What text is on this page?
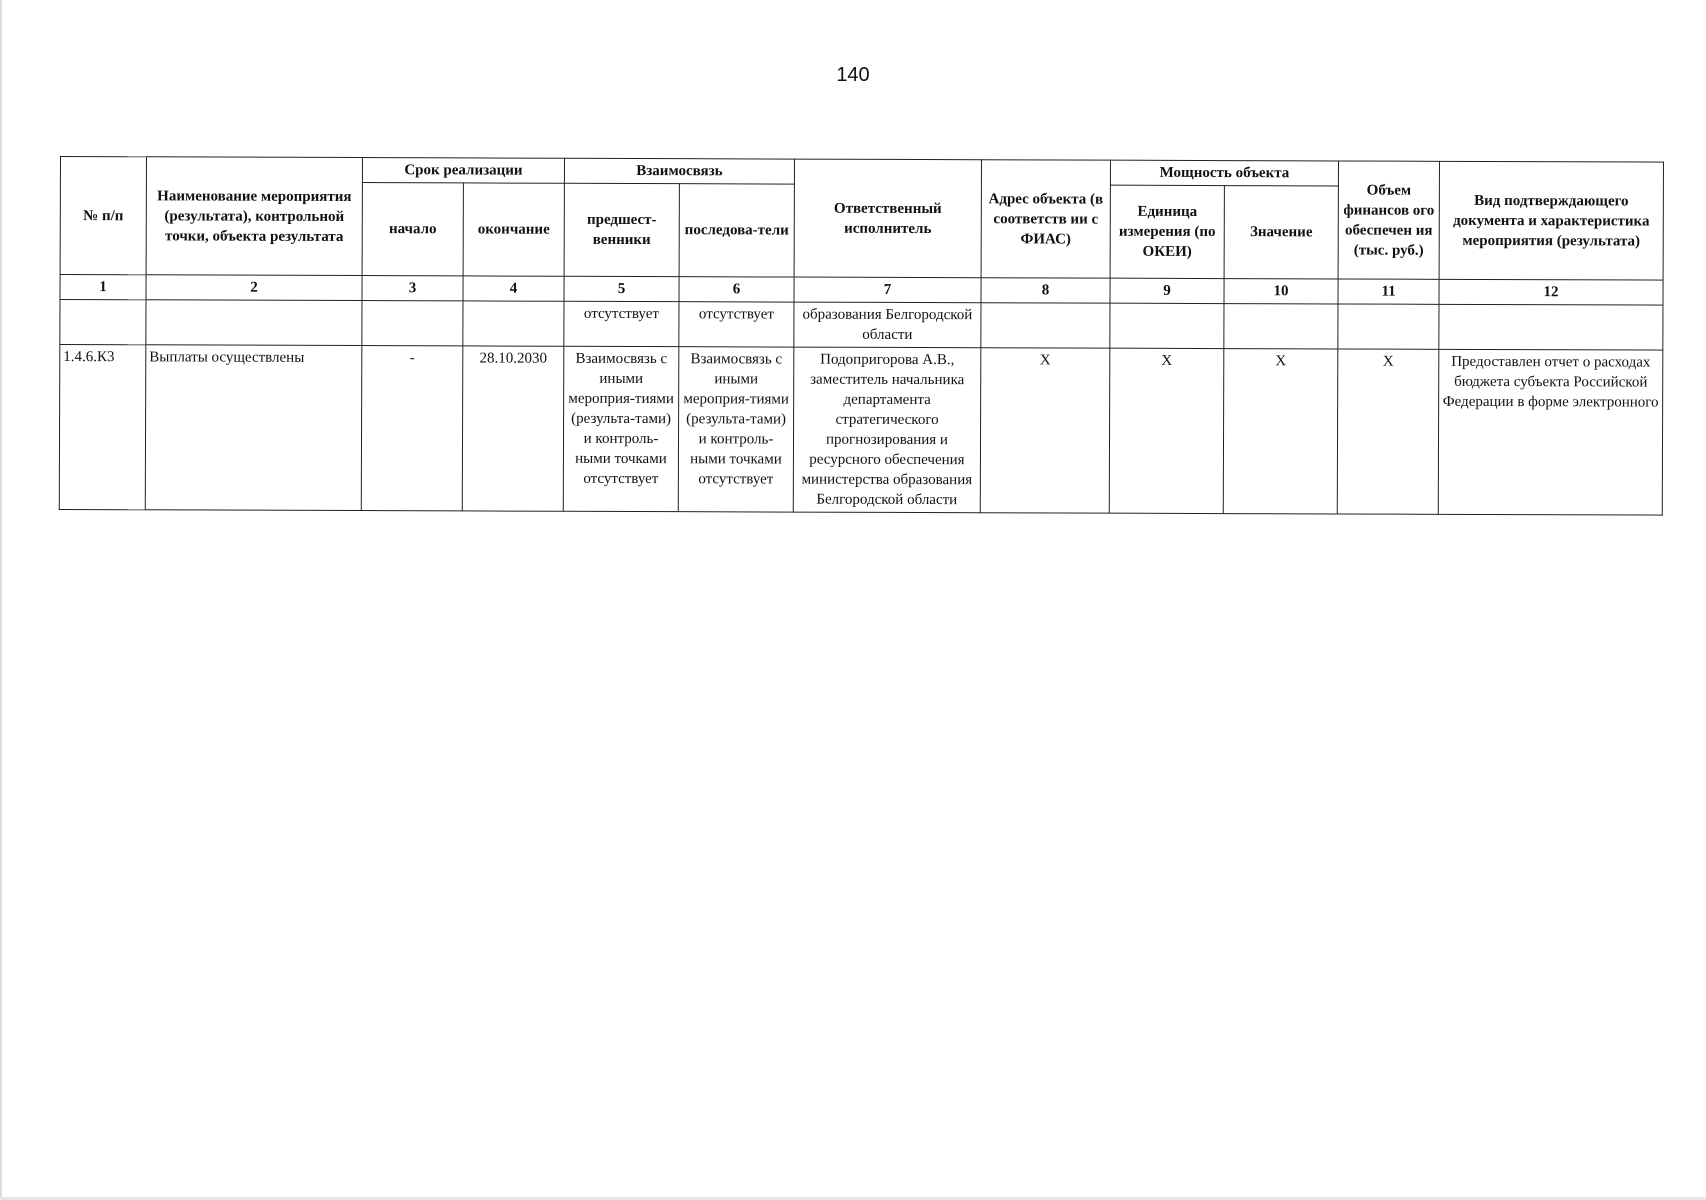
140
№ п/п	Наименование мероприятия (результата), контрольной точки, объекта результата	Срок реализации		Взаимосвязь		Ответственный исполнитель	Адрес объекта (в соответств ии с ФИАС)	Мощность объекта		Объем финансов ого обеспечен ия (тыс. руб.)	Вид подтверждающего документа и характеристика мероприятия (результата)
		начало	окончание	предшест-венники	последова-тели			Единица измерения (по ОКЕИ)	Значение		
1	2	3	4	5	6	7	8	9	10	11	12
				отсутствует	отсутствует	образования Белгородской области					
1.4.6.К3	Выплаты осуществлены	-	28.10.2030	Взаимосвязь с иными мероприя-тиями (результа-тами) и контроль-ными точками отсутствует	Взаимосвязь с иными мероприя-тиями (результа-тами) и контроль-ными точками отсутствует	Подопригорова А.В., заместитель начальника департамента стратегического прогнозирования и ресурсного обеспечения министерства образования Белгородской области	Х	Х	Х	Х	Предоставлен отчет о расходах бюджета субъекта Российской Федерации в форме электронного
